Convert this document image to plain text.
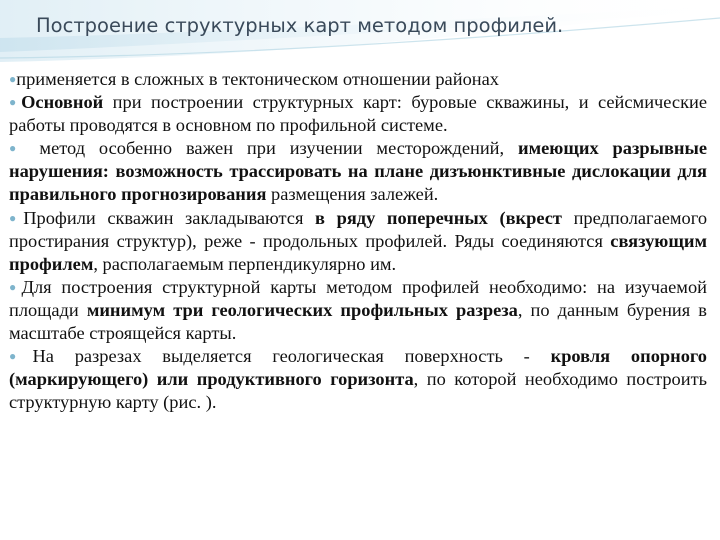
Построение структурных карт методом профилей.

●применяется в сложных в тектоническом отношении районах

●Основной при построении структурных карт: буровые скважины, и сейсмические работы проводятся в основном по профильной системе.

● метод особенно важен при изучении месторождений, имеющих разрывные нарушения: возможность трассировать на плане дизъюнктивные дислокации для правильного прогнозирования размещения залежей.

●Профили скважин закладываются в ряду поперечных (вкрест предполагаемого простирания структур), реже - продольных профилей. Ряды соединяются связующим профилем, располагаемым перпендикулярно им.

●Для построения структурной карты методом профилей необходимо: на изучаемой площади минимум три геологических профильных разреза, по данным бурения в масштабе строящейся карты.

●На разрезах выделяется геологическая поверхность - кровля опорного (маркирующего) или продуктивного горизонта, по которой необходимо построить структурную карту (рис. ).
